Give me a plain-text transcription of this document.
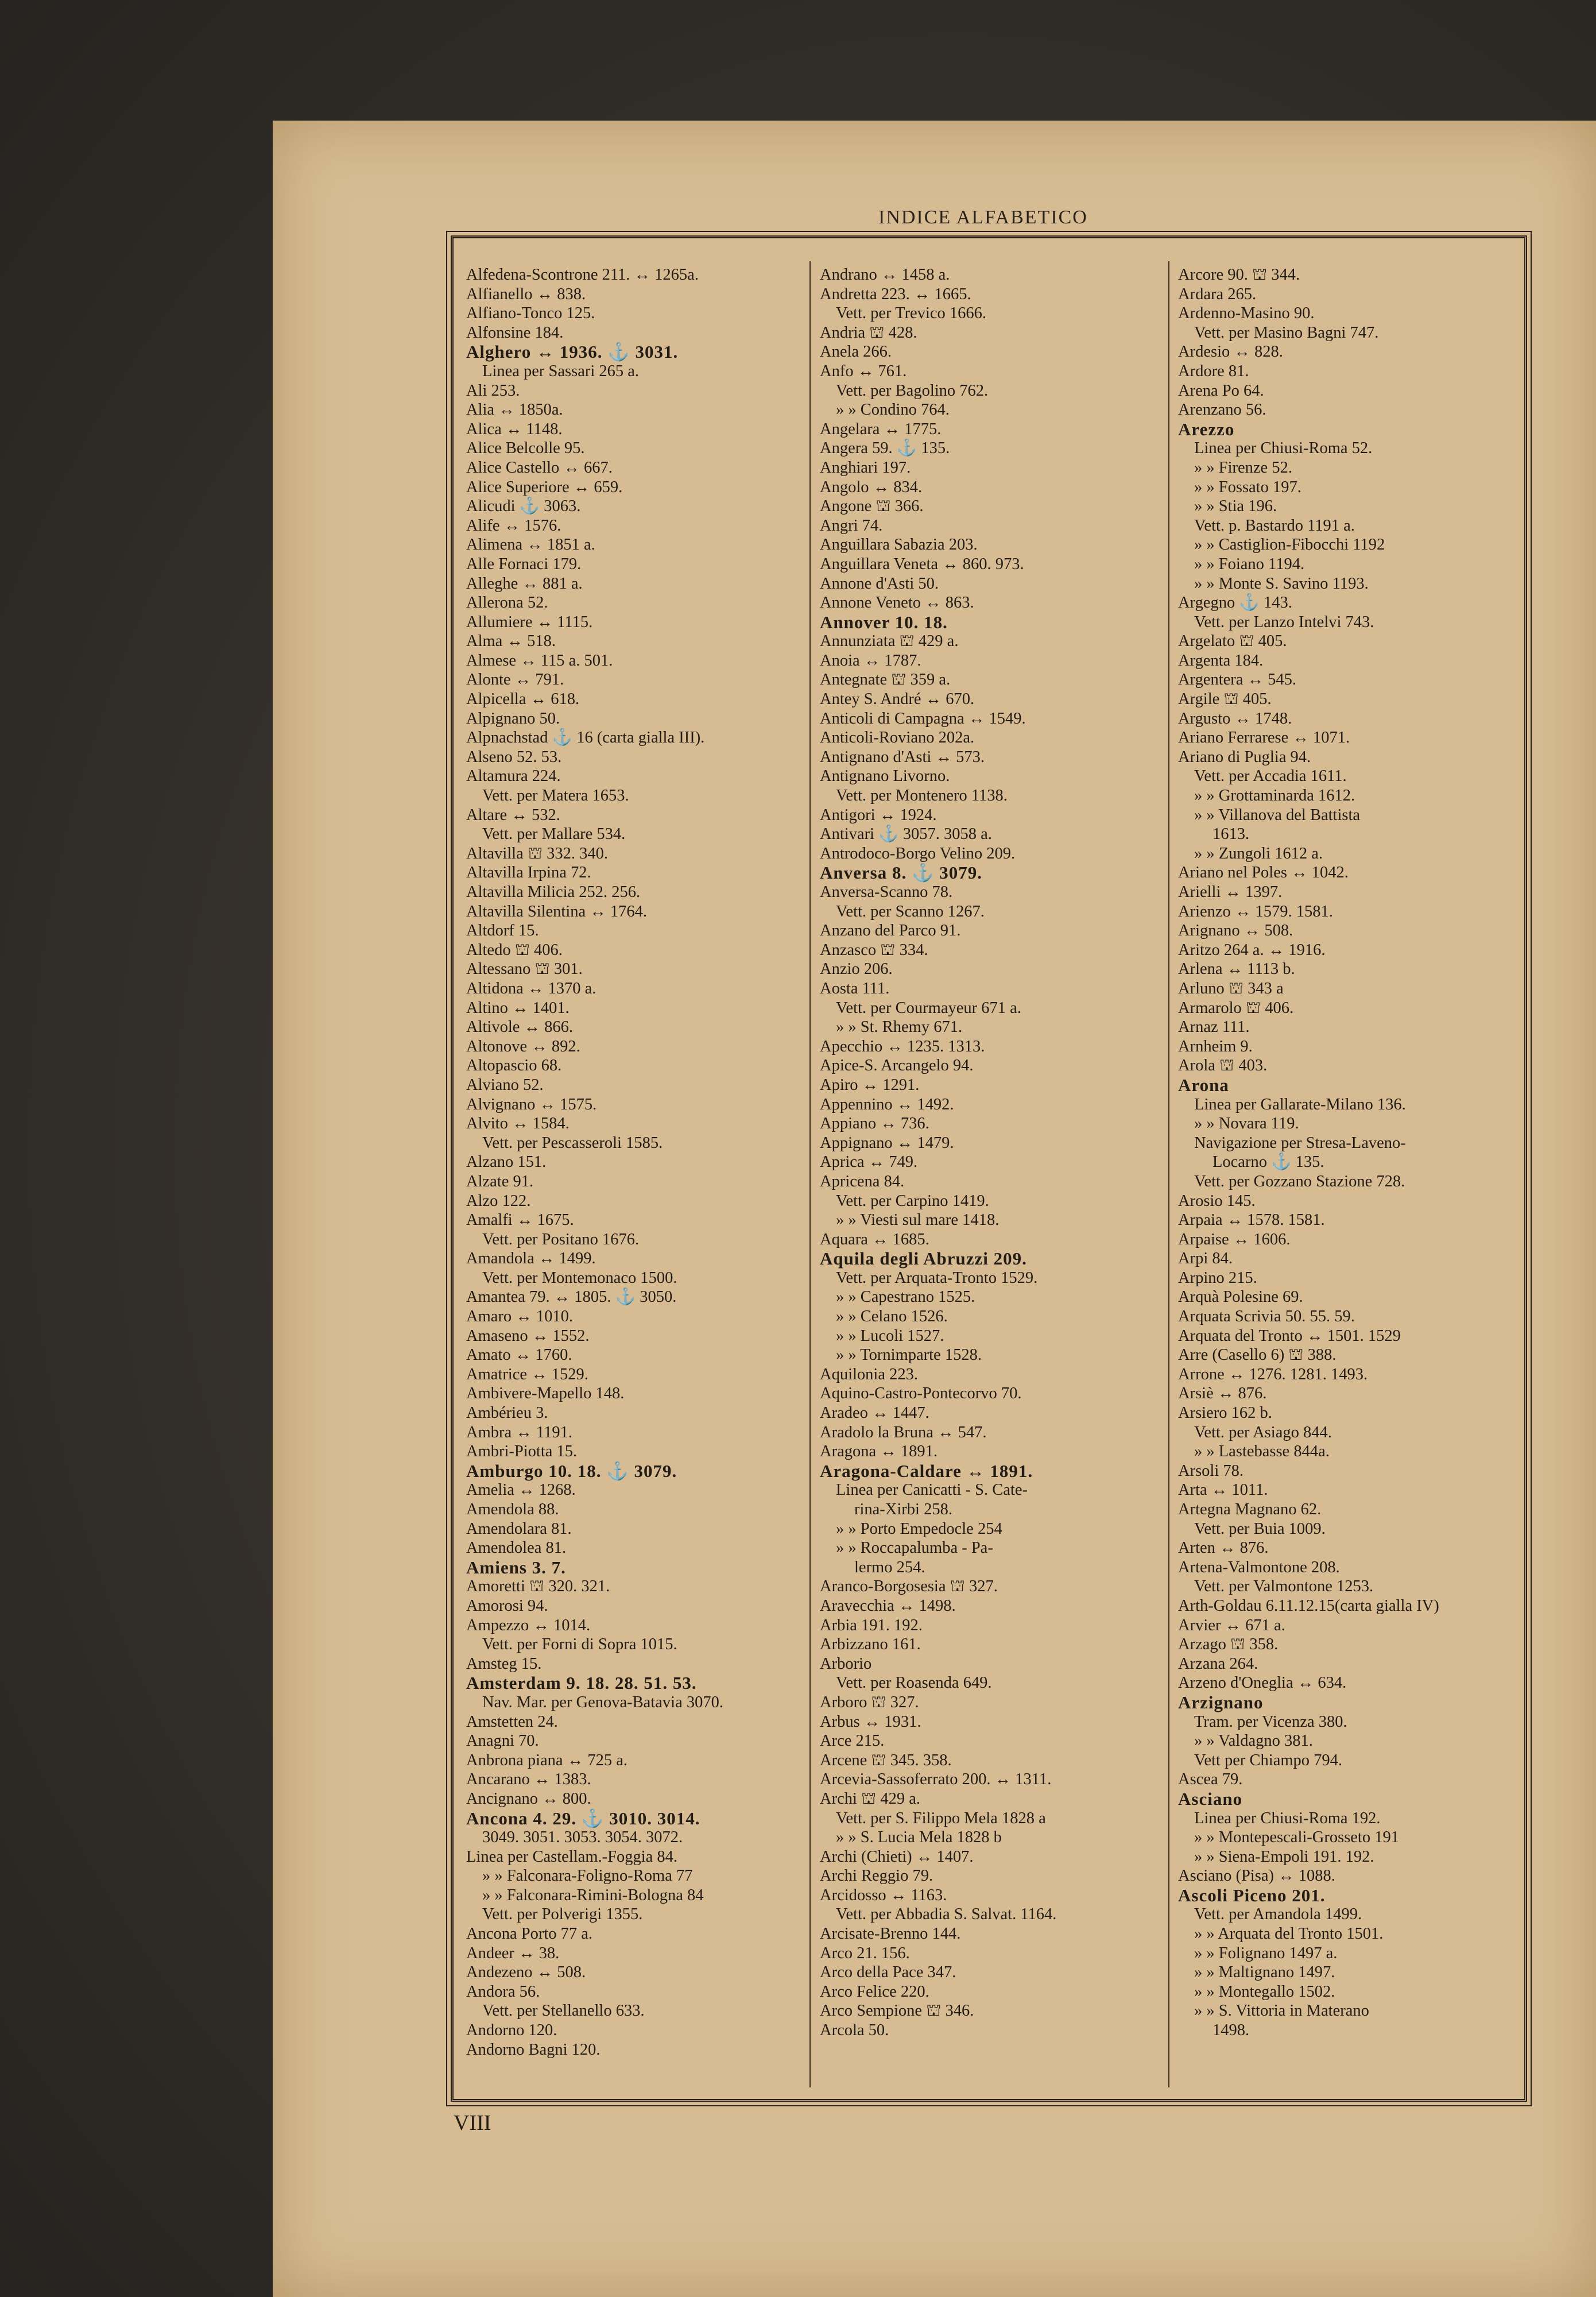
INDICE ALFABETICO
Alfedena-Scontrone 211. ↔ 1265a.
Alfianello ↔ 838.
Alfiano-Tonco 125.
Alfonsine 184.
Alghero ↔ 1936. ⚓ 3031.
Linea per Sassari 265 a.
Ali 253.
Alia ↔ 1850a.
Alica ↔ 1148.
Alice Belcolle 95.
Alice Castello ↔ 667.
Alice Superiore ↔ 659.
Alicudi ⚓ 3063.
Alife ↔ 1576.
Alimena ↔ 1851 a.
Alle Fornaci 179.
Alleghe ↔ 881 a.
Allerona 52.
Allumiere ↔ 1115.
Alma ↔ 518.
Almese ↔ 115 a. 501.
Alonte ↔ 791.
Alpicella ↔ 618.
Alpignano 50.
Alpnachstad ⚓ 16 (carta gialla III).
Alseno 52. 53.
Altamura 224.
Vett. per Matera 1653.
Altare ↔ 532.
Vett. per Mallare 534.
Altavilla ⛫ 332. 340.
Altavilla Irpina 72.
Altavilla Milicia 252. 256.
Altavilla Silentina ↔ 1764.
Altdorf 15.
Altedo ⛫ 406.
Altessano ⛫ 301.
Altidona ↔ 1370 a.
Altino ↔ 1401.
Altivole ↔ 866.
Altonove ↔ 892.
Altopascio 68.
Alviano 52.
Alvignano ↔ 1575.
Alvito ↔ 1584.
Vett. per Pescasseroli 1585.
Alzano 151.
Alzate 91.
Alzo 122.
Amalfi ↔ 1675.
Vett. per Positano 1676.
Amandola ↔ 1499.
Vett. per Montemonaco 1500.
Amantea 79. ↔ 1805. ⚓ 3050.
Amaro ↔ 1010.
Amaseno ↔ 1552.
Amato ↔ 1760.
Amatrice ↔ 1529.
Ambivere-Mapello 148.
Ambérieu 3.
Ambra ↔ 1191.
Ambri-Piotta 15.
Amburgo 10. 18. ⚓ 3079.
Amelia ↔ 1268.
Amendola 88.
Amendolara 81.
Amendolea 81.
Amiens 3. 7.
Amoretti ⛫ 320. 321.
Amorosi 94.
Ampezzo ↔ 1014.
Vett. per Forni di Sopra 1015.
Amsteg 15.
Amsterdam 9. 18. 28. 51. 53.
Nav. Mar. per Genova-Batavia 3070.
Amstetten 24.
Anagni 70.
Anbrona piana ↔ 725 a.
Ancarano ↔ 1383.
Ancignano ↔ 800.
Ancona 4. 29. ⚓ 3010. 3014.
3049. 3051. 3053. 3054. 3072.
Linea per Castellam.-Foggia 84.
» » Falconara-Foligno-Roma 77
» » Falconara-Rimini-Bologna 84
Vett. per Polverigi 1355.
Ancona Porto 77 a.
Andeer ↔ 38.
Andezeno ↔ 508.
Andora 56.
Vett. per Stellanello 633.
Andorno 120.
Andorno Bagni 120.
Andrano ↔ 1458 a.
Andretta 223. ↔ 1665.
Vett. per Trevico 1666.
Andria ⛫ 428.
Anela 266.
Anfo ↔ 761.
Vett. per Bagolino 762.
» » Condino 764.
Angelara ↔ 1775.
Angera 59. ⚓ 135.
Anghiari 197.
Angolo ↔ 834.
Angone ⛫ 366.
Angri 74.
Anguillara Sabazia 203.
Anguillara Veneta ↔ 860. 973.
Annone d'Asti 50.
Annone Veneto ↔ 863.
Annover 10. 18.
Annunziata ⛫ 429 a.
Anoia ↔ 1787.
Antegnate ⛫ 359 a.
Antey S. André ↔ 670.
Anticoli di Campagna ↔ 1549.
Anticoli-Roviano 202a.
Antignano d'Asti ↔ 573.
Antignano Livorno.
Vett. per Montenero 1138.
Antigori ↔ 1924.
Antivari ⚓ 3057. 3058 a.
Antrodoco-Borgo Velino 209.
Anversa 8. ⚓ 3079.
Anversa-Scanno 78.
Vett. per Scanno 1267.
Anzano del Parco 91.
Anzasco ⛫ 334.
Anzio 206.
Aosta 111.
Vett. per Courmayeur 671 a.
» » St. Rhemy 671.
Apecchio ↔ 1235. 1313.
Apice-S. Arcangelo 94.
Apiro ↔ 1291.
Appennino ↔ 1492.
Appiano ↔ 736.
Appignano ↔ 1479.
Aprica ↔ 749.
Apricena 84.
Vett. per Carpino 1419.
» » Viesti sul mare 1418.
Aquara ↔ 1685.
Aquila degli Abruzzi 209.
Vett. per Arquata-Tronto 1529.
» » Capestrano 1525.
» » Celano 1526.
» » Lucoli 1527.
» » Tornimparte 1528.
Aquilonia 223.
Aquino-Castro-Pontecorvo 70.
Aradeo ↔ 1447.
Aradolo la Bruna ↔ 547.
Aragona ↔ 1891.
Aragona-Caldare ↔ 1891.
Linea per Canicatti - S. Cate-
rina-Xirbi 258.
» » Porto Empedocle 254
» » Roccapalumba - Pa-
lermo 254.
Aranco-Borgosesia ⛫ 327.
Aravecchia ↔ 1498.
Arbia 191. 192.
Arbizzano 161.
Arborio
Vett. per Roasenda 649.
Arboro ⛫ 327.
Arbus ↔ 1931.
Arce 215.
Arcene ⛫ 345. 358.
Arcevia-Sassoferrato 200. ↔ 1311.
Archi ⛫ 429 a.
Vett. per S. Filippo Mela 1828 a
» » S. Lucia Mela 1828 b
Archi (Chieti) ↔ 1407.
Archi Reggio 79.
Arcidosso ↔ 1163.
Vett. per Abbadia S. Salvat. 1164.
Arcisate-Brenno 144.
Arco 21. 156.
Arco della Pace 347.
Arco Felice 220.
Arco Sempione ⛫ 346.
Arcola 50.
Arcore 90. ⛫ 344.
Ardara 265.
Ardenno-Masino 90.
Vett. per Masino Bagni 747.
Ardesio ↔ 828.
Ardore 81.
Arena Po 64.
Arenzano 56.
Arezzo
Linea per Chiusi-Roma 52.
» » Firenze 52.
» » Fossato 197.
» » Stia 196.
Vett. p. Bastardo 1191 a.
» » Castiglion-Fibocchi 1192
» » Foiano 1194.
» » Monte S. Savino 1193.
Argegno ⚓ 143.
Vett. per Lanzo Intelvi 743.
Argelato ⛫ 405.
Argenta 184.
Argentera ↔ 545.
Argile ⛫ 405.
Argusto ↔ 1748.
Ariano Ferrarese ↔ 1071.
Ariano di Puglia 94.
Vett. per Accadia 1611.
» » Grottaminarda 1612.
» » Villanova del Battista
1613.
» » Zungoli 1612 a.
Ariano nel Poles ↔ 1042.
Arielli ↔ 1397.
Arienzo ↔ 1579. 1581.
Arignano ↔ 508.
Aritzo 264 a. ↔ 1916.
Arlena ↔ 1113 b.
Arluno ⛫ 343 a
Armarolo ⛫ 406.
Arnaz 111.
Arnheim 9.
Arola ⛫ 403.
Arona
Linea per Gallarate-Milano 136.
» » Novara 119.
Navigazione per Stresa-Laveno-
Locarno ⚓ 135.
Vett. per Gozzano Stazione 728.
Arosio 145.
Arpaia ↔ 1578. 1581.
Arpaise ↔ 1606.
Arpi 84.
Arpino 215.
Arquà Polesine 69.
Arquata Scrivia 50. 55. 59.
Arquata del Tronto ↔ 1501. 1529
Arre (Casello 6) ⛫ 388.
Arrone ↔ 1276. 1281. 1493.
Arsiè ↔ 876.
Arsiero 162 b.
Vett. per Asiago 844.
» » Lastebasse 844a.
Arsoli 78.
Arta ↔ 1011.
Artegna Magnano 62.
Vett. per Buia 1009.
Arten ↔ 876.
Artena-Valmontone 208.
Vett. per Valmontone 1253.
Arth-Goldau 6.11.12.15(carta gialla IV)
Arvier ↔ 671 a.
Arzago ⛫ 358.
Arzana 264.
Arzeno d'Oneglia ↔ 634.
Arzignano
Tram. per Vicenza 380.
» » Valdagno 381.
Vett per Chiampo 794.
Ascea 79.
Asciano
Linea per Chiusi-Roma 192.
» » Montepescali-Grosseto 191
» » Siena-Empoli 191. 192.
Asciano (Pisa) ↔ 1088.
Ascoli Piceno 201.
Vett. per Amandola 1499.
» » Arquata del Tronto 1501.
» » Folignano 1497 a.
» » Maltignano 1497.
» » Montegallo 1502.
» » S. Vittoria in Materano
1498.
VIII
